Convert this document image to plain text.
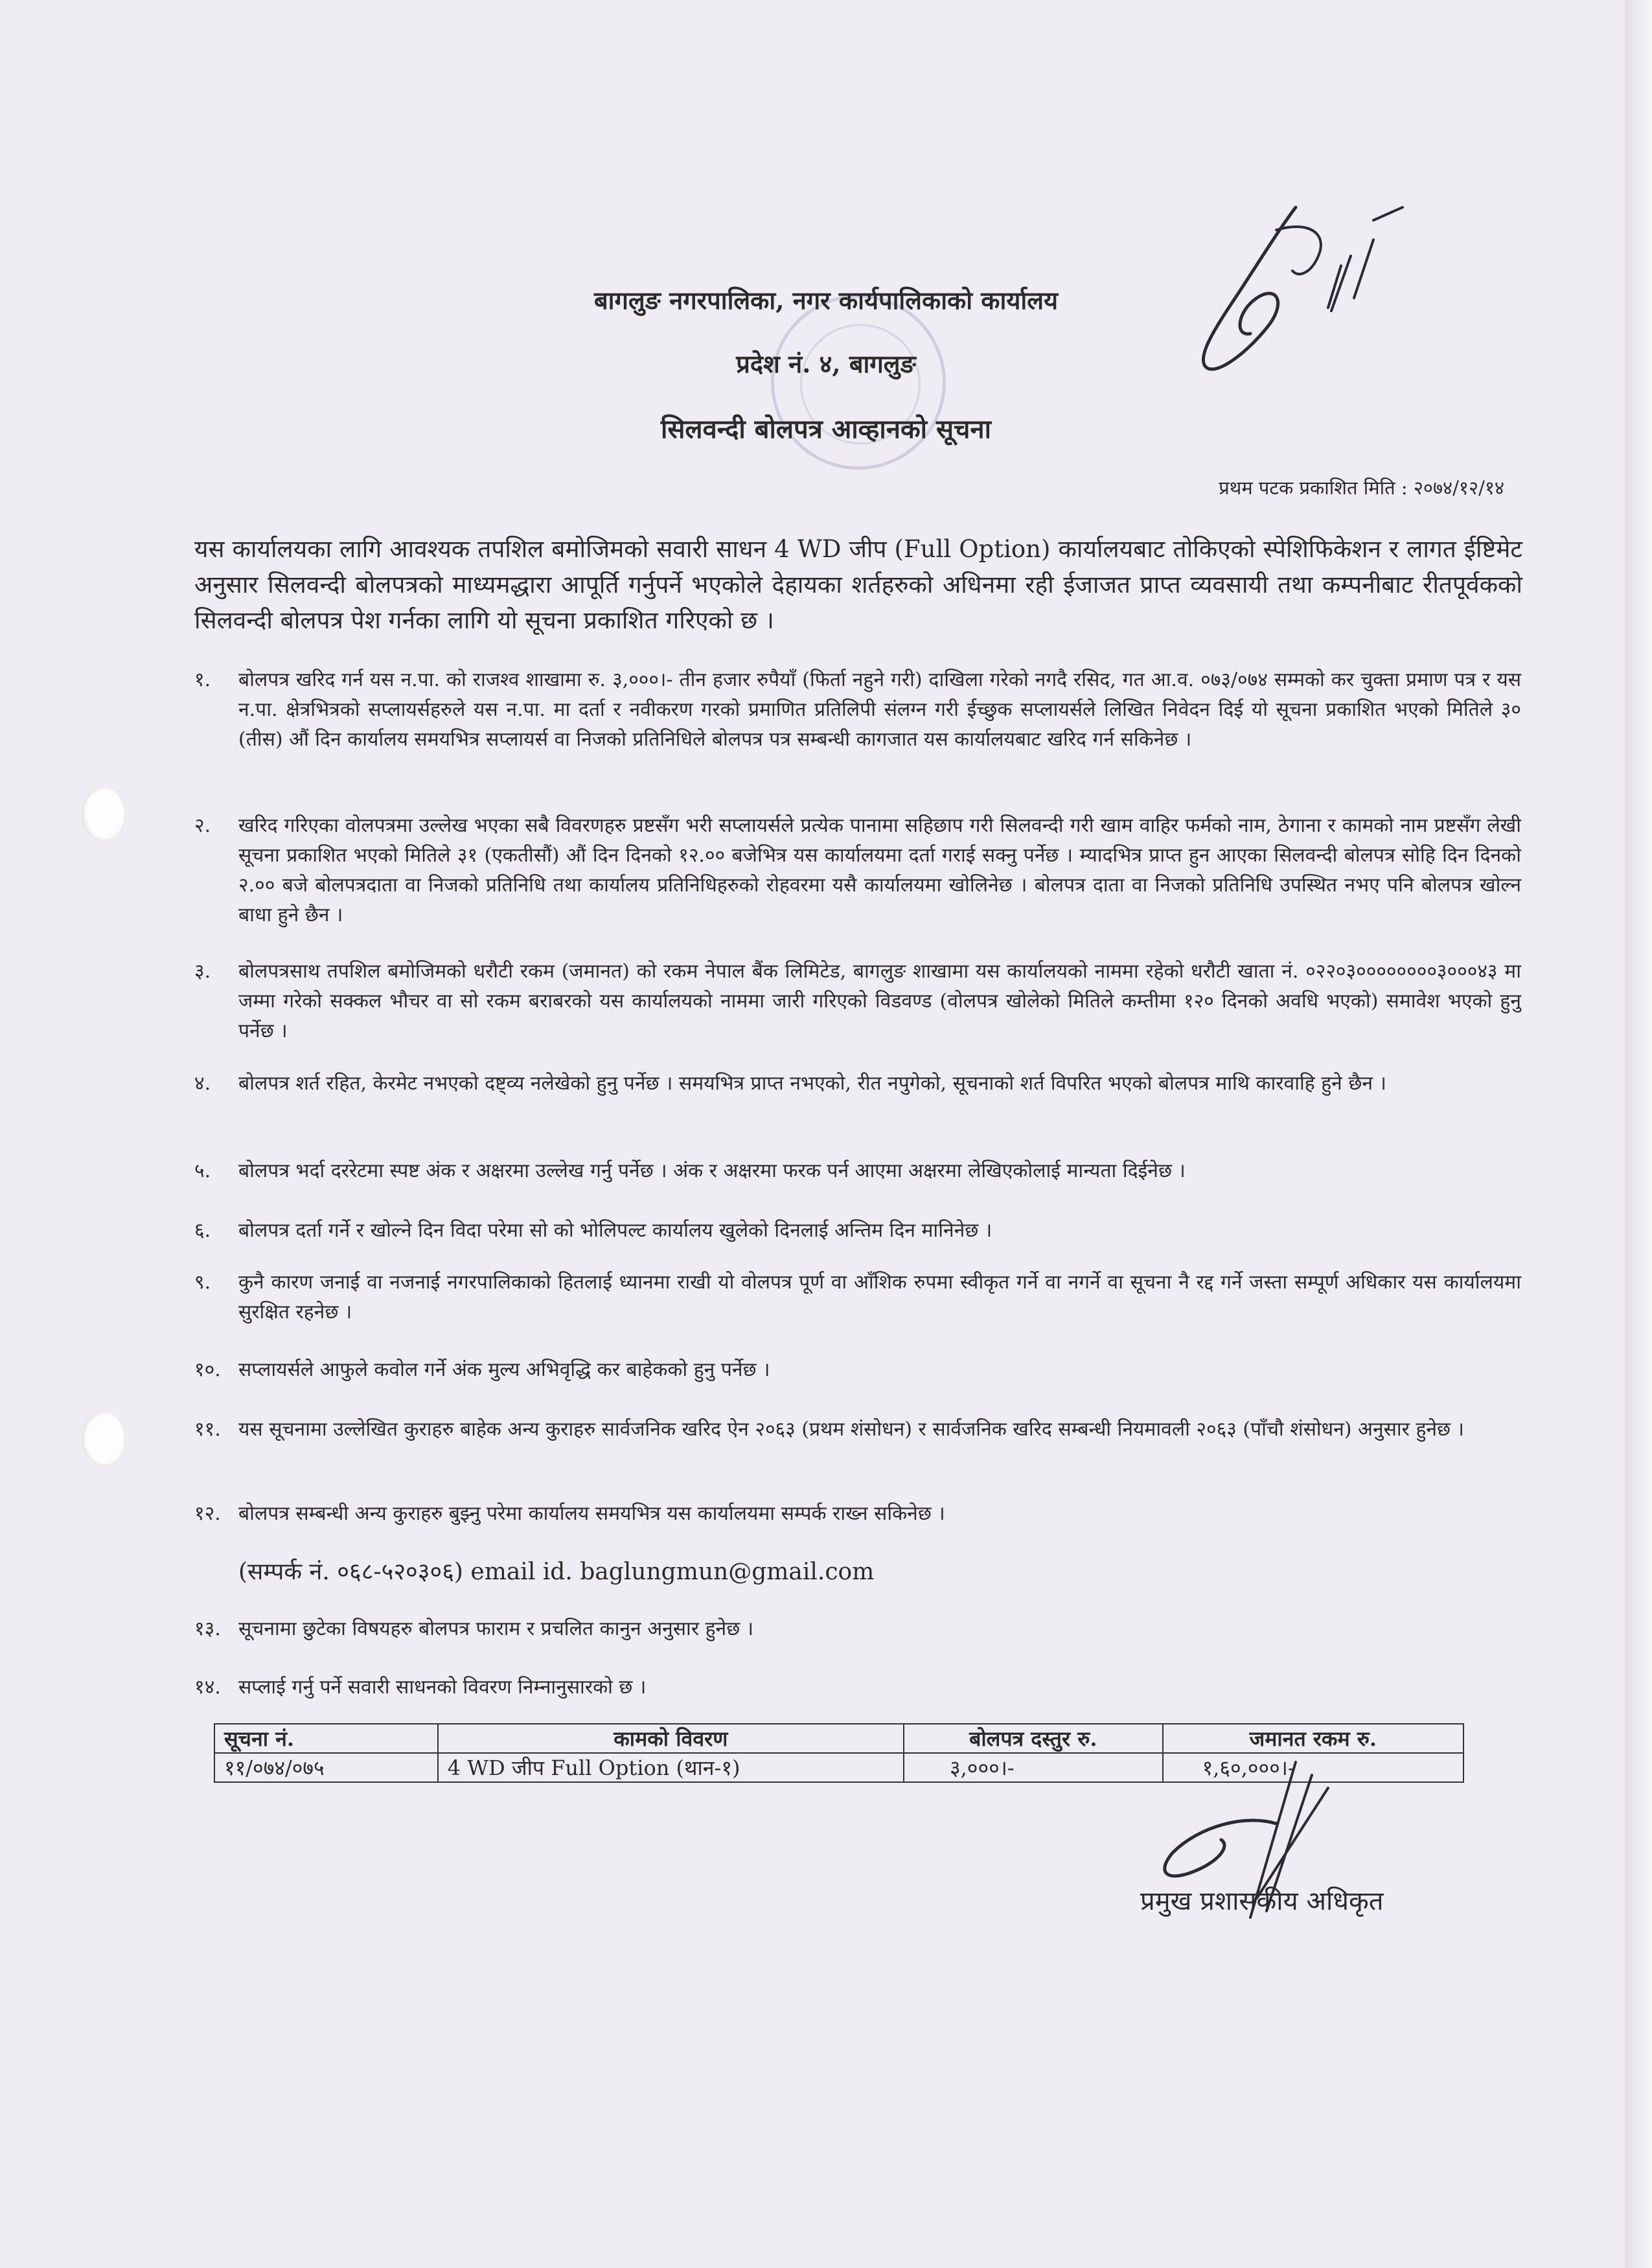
बागलुङ नगरपालिका, नगर कार्यपालिकाको कार्यालय
प्रदेश नं. ४, बागलुङ
सिलवन्दी बोलपत्र आव्हानको सूचना
प्रथम पटक प्रकाशित मिति : २०७४/१२/१४
यस कार्यालयका लागि आवश्यक तपशिल बमोजिमको सवारी साधन 4 WD जीप (Full Option) कार्यालयबाट तोकिएको स्पेशिफिकेशन र लागत ईष्टिमेट अनुसार सिलवन्दी बोलपत्रको माध्यमद्धारा आपूर्ति गर्नुपर्ने भएकोले देहायका शर्तहरुको अधिनमा रही ईजाजत प्राप्त व्यवसायी तथा कम्पनीबाट रीतपूर्वकको सिलवन्दी बोलपत्र पेश गर्नका लागि यो सूचना प्रकाशित गरिएको छ ।
१.	बोलपत्र खरिद गर्न यस न.पा. को राजश्व शाखामा रु. ३,०००।- तीन हजार रुपैयाँ (फिर्ता नहुने गरी) दाखिला गरेको नगदै रसिद, गत आ.व. ०७३/०७४ सम्मको कर चुक्ता प्रमाण पत्र र यस न.पा. क्षेत्रभित्रको सप्लायर्सहरुले यस न.पा. मा दर्ता र नवीकरण गरको प्रमाणित प्रतिलिपी संलग्न गरी ईच्छुक सप्लायर्सले लिखित निवेदन दिई यो सूचना प्रकाशित भएको मितिले ३० (तीस) औं दिन कार्यालय समयभित्र सप्लायर्स वा निजको प्रतिनिधिले बोलपत्र पत्र सम्बन्धी कागजात यस कार्यालयबाट खरिद गर्न सकिनेछ ।
२.	खरिद गरिएका वोलपत्रमा उल्लेख भएका सबै विवरणहरु प्रष्टसँग भरी सप्लायर्सले प्रत्येक पानामा सहिछाप गरी सिलवन्दी गरी खाम वाहिर फर्मको नाम, ठेगाना र कामको नाम प्रष्टसँग लेखी सूचना प्रकाशित भएको मितिले ३१ (एकतीसौं) औं दिन दिनको १२.०० बजेभित्र यस कार्यालयमा दर्ता गराई सक्नु पर्नेछ । म्यादभित्र प्राप्त हुन आएका सिलवन्दी बोलपत्र सोहि दिन दिनको २.०० बजे बोलपत्रदाता वा निजको प्रतिनिधि तथा कार्यालय प्रतिनिधिहरुको रोहवरमा यसै कार्यालयमा खोलिनेछ । बोलपत्र दाता वा निजको प्रतिनिधि उपस्थित नभए पनि बोलपत्र खोल्न बाधा हुने छैन ।
३.	बोलपत्रसाथ तपशिल बमोजिमको धरौटी रकम (जमानत) को रकम नेपाल बैंक लिमिटेड, बागलुङ शाखामा यस कार्यालयको नाममा रहेको धरौटी खाता नं. ०२२०३००००००००३०००४३ मा जम्मा गरेको सक्कल भौचर वा सो रकम बराबरको यस कार्यालयको नाममा जारी गरिएको विडवण्ड (वोलपत्र खोलेको मितिले कम्तीमा १२० दिनको अवधि भएको) समावेश भएको हुनु पर्नेछ ।
४.	बोलपत्र शर्त रहित, केरमेट नभएको दष्ट्व्य नलेखेको हुनु पर्नेछ । समयभित्र प्राप्त नभएको, रीत नपुगेको, सूचनाको शर्त विपरित भएको बोलपत्र माथि कारवाहि हुने छैन ।
५.	बोलपत्र भर्दा दररेटमा स्पष्ट अंक र अक्षरमा उल्लेख गर्नु पर्नेछ । अंक र अक्षरमा फरक पर्न आएमा अक्षरमा लेखिएकोलाई मान्यता दिईनेछ ।
६.	बोलपत्र दर्ता गर्ने र खोल्ने दिन विदा परेमा सो को भोलिपल्ट कार्यालय खुलेको दिनलाई अन्तिम दिन मानिनेछ ।
९.	कुनै कारण जनाई वा नजनाई नगरपालिकाको हितलाई ध्यानमा राखी यो वोलपत्र पूर्ण वा आँशिक रुपमा स्वीकृत गर्ने वा नगर्ने वा सूचना नै रद्द गर्ने जस्ता सम्पूर्ण अधिकार यस कार्यालयमा सुरक्षित रहनेछ ।
१०. सप्लायर्सले आफुले कवोल गर्ने अंक मुल्य अभिवृद्धि कर बाहेकको हुनु पर्नेछ ।
११. यस सूचनामा उल्लेखित कुराहरु बाहेक अन्य कुराहरु सार्वजनिक खरिद ऐन २०६३ (प्रथम शंसोधन) र सार्वजनिक खरिद सम्बन्धी नियमावली २०६३ (पाँचौ शंसोधन) अनुसार हुनेछ ।
१२. बोलपत्र सम्बन्धी अन्य कुराहरु बुझ्नु परेमा कार्यालय समयभित्र यस कार्यालयमा सम्पर्क राख्न सकिनेछ ।
(सम्पर्क नं. ०६८-५२०३०६) email id. baglungmun@gmail.com
१३. सूचनामा छुटेका विषयहरु बोलपत्र फाराम र प्रचलित कानुन अनुसार हुनेछ ।
१४. सप्लाई गर्नु पर्ने सवारी साधनको विवरण निम्नानुसारको छ ।
सूचना नं.	कामको विवरण	बोलपत्र दस्तुर रु.	जमानत रकम रु.
११/०७४/०७५	4 WD जीप Full Option (थान-१)	३,०००।-	१,६०,०००।-
प्रमुख प्रशासकीय अधिकृत
